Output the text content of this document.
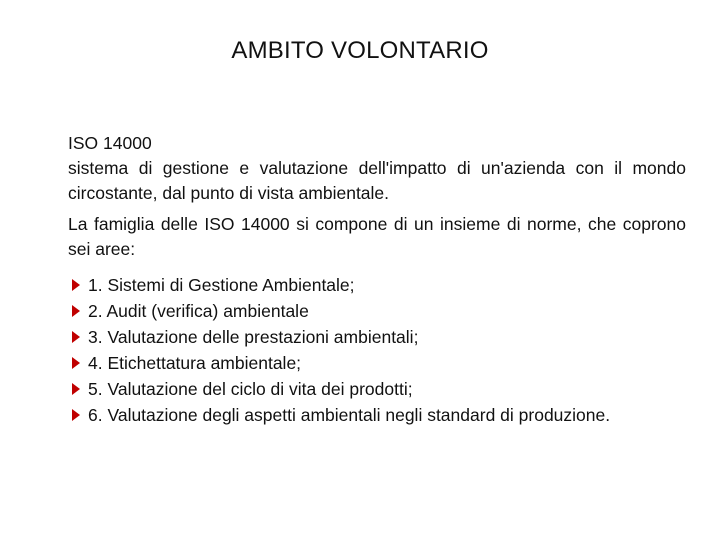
AMBITO VOLONTARIO

ISO 14000
sistema di gestione e valutazione dell'impatto di un'azienda con il mondo circostante, dal punto di vista ambientale.

La famiglia delle ISO 14000 si compone di un insieme di norme, che coprono sei aree:

1. Sistemi di Gestione Ambientale;
2. Audit (verifica) ambientale
3. Valutazione delle prestazioni ambientali;
4. Etichettatura ambientale;
5. Valutazione del ciclo di vita dei prodotti;
6. Valutazione degli aspetti ambientali negli standard di produzione.
